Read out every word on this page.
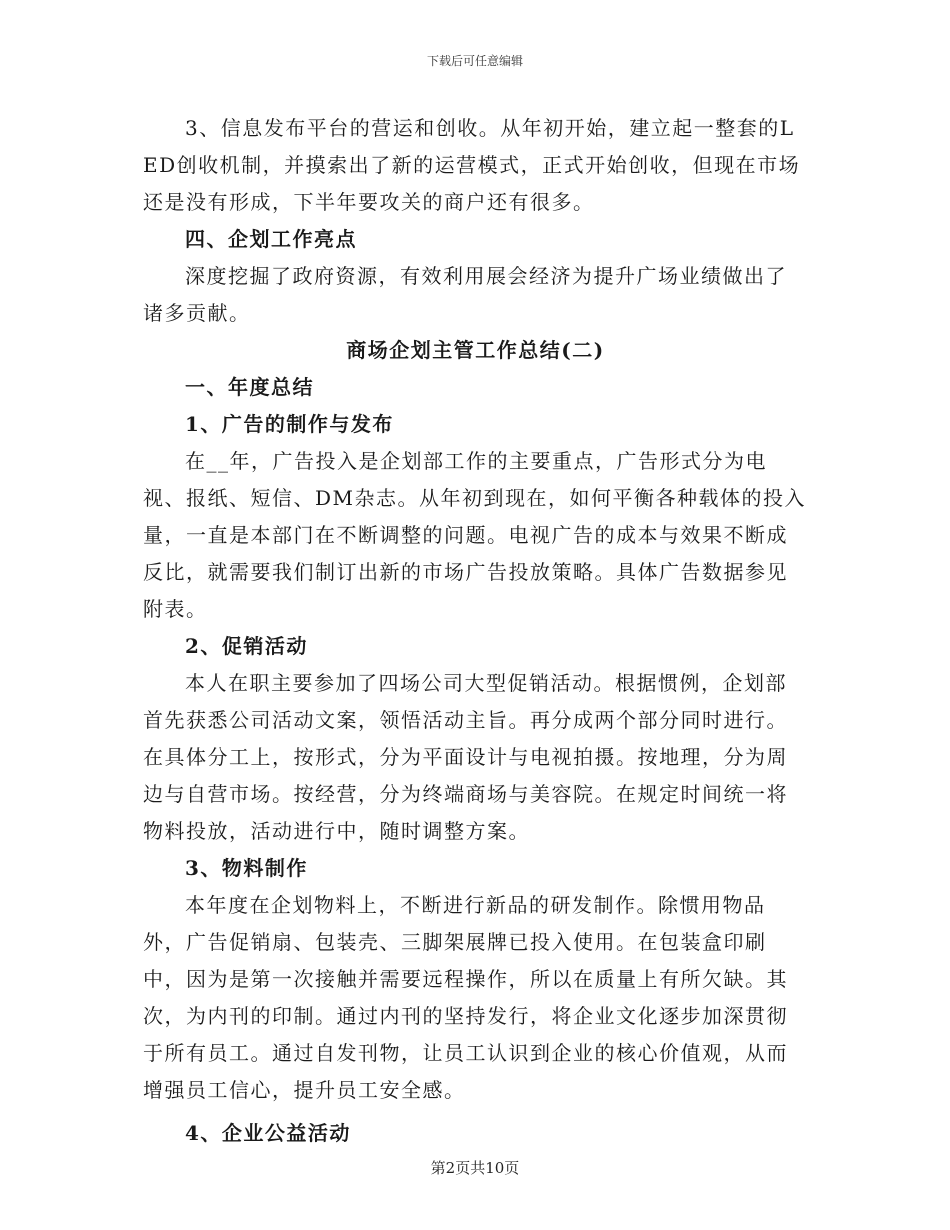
下载后可任意编辑

3、信息发布平台的营运和创收。从年初开始，建立起一整套的LED创收机制，并摸索出了新的运营模式，正式开始创收，但现在市场还是没有形成，下半年要攻关的商户还有很多。

四、企划工作亮点

深度挖掘了政府资源，有效利用展会经济为提升广场业绩做出了诸多贡献。

商场企划主管工作总结(二)

一、年度总结

1、广告的制作与发布

在__年，广告投入是企划部工作的主要重点，广告形式分为电视、报纸、短信、DM杂志。从年初到现在，如何平衡各种载体的投入量，一直是本部门在不断调整的问题。电视广告的成本与效果不断成反比，就需要我们制订出新的市场广告投放策略。具体广告数据参见附表。

2、促销活动

本人在职主要参加了四场公司大型促销活动。根据惯例，企划部首先获悉公司活动文案，领悟活动主旨。再分成两个部分同时进行。在具体分工上，按形式，分为平面设计与电视拍摄。按地理，分为周边与自营市场。按经营，分为终端商场与美容院。在规定时间统一将物料投放，活动进行中，随时调整方案。

3、物料制作

本年度在企划物料上，不断进行新品的研发制作。除惯用物品外，广告促销扇、包装壳、三脚架展牌已投入使用。在包装盒印刷中，因为是第一次接触并需要远程操作，所以在质量上有所欠缺。其次，为内刊的印制。通过内刊的坚持发行，将企业文化逐步加深贯彻于所有员工。通过自发刊物，让员工认识到企业的核心价值观，从而增强员工信心，提升员工安全感。

4、企业公益活动

第2页共10页
